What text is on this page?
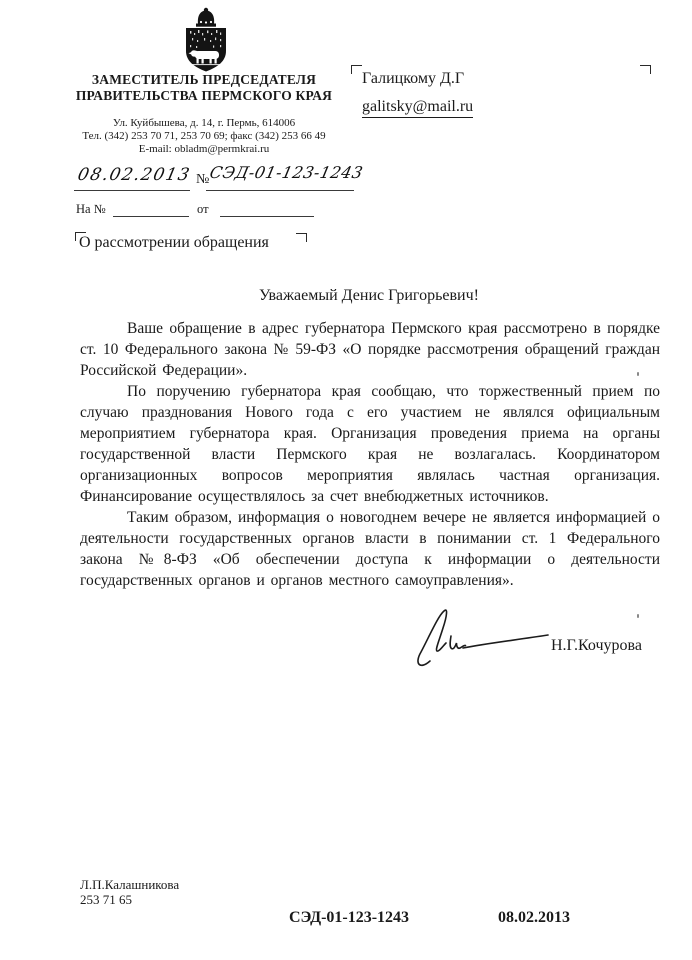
ЗАМЕСТИТЕЛЬ ПРЕДСЕДАТЕЛЯ
ПРАВИТЕЛЬСТВА ПЕРМСКОГО КРАЯ
Ул. Куйбышева, д. 14, г. Пермь, 614006
Тел. (342) 253 70 71, 253 70 69; факс (342) 253 66 49
E-mail: obladm@permkrai.ru
Галицкому Д.Г
galitsky@mail.ru
08.02.2013 №
СЭД-01-123-1243
На №	от
О рассмотрении обращения
Уважаемый Денис Григорьевич!

Ваше обращение в адрес губернатора Пермского края рассмотрено в порядке ст. 10 Федерального закона № 59-ФЗ «О порядке рассмотрения обращений граждан Российской Федерации».

По поручению губернатора края сообщаю, что торжественный прием по случаю празднования Нового года с его участием не являлся официальным мероприятием губернатора края. Организация проведения приема на органы государственной власти Пермского края не возлагалась. Координатором организационных вопросов мероприятия являлась частная организация. Финансирование осуществлялось за счет внебюджетных источников.

Таким образом, информация о новогоднем вечере не является информацией о деятельности государственных органов власти в понимании ст. 1 Федерального закона №8-ФЗ «Об обеспечении доступа к информации о деятельности государственных органов и органов местного самоуправления».

Н.Г.Кочурова
Л.П.Калашникова
253 71 65
СЭД-01-123-1243	08.02.2013
